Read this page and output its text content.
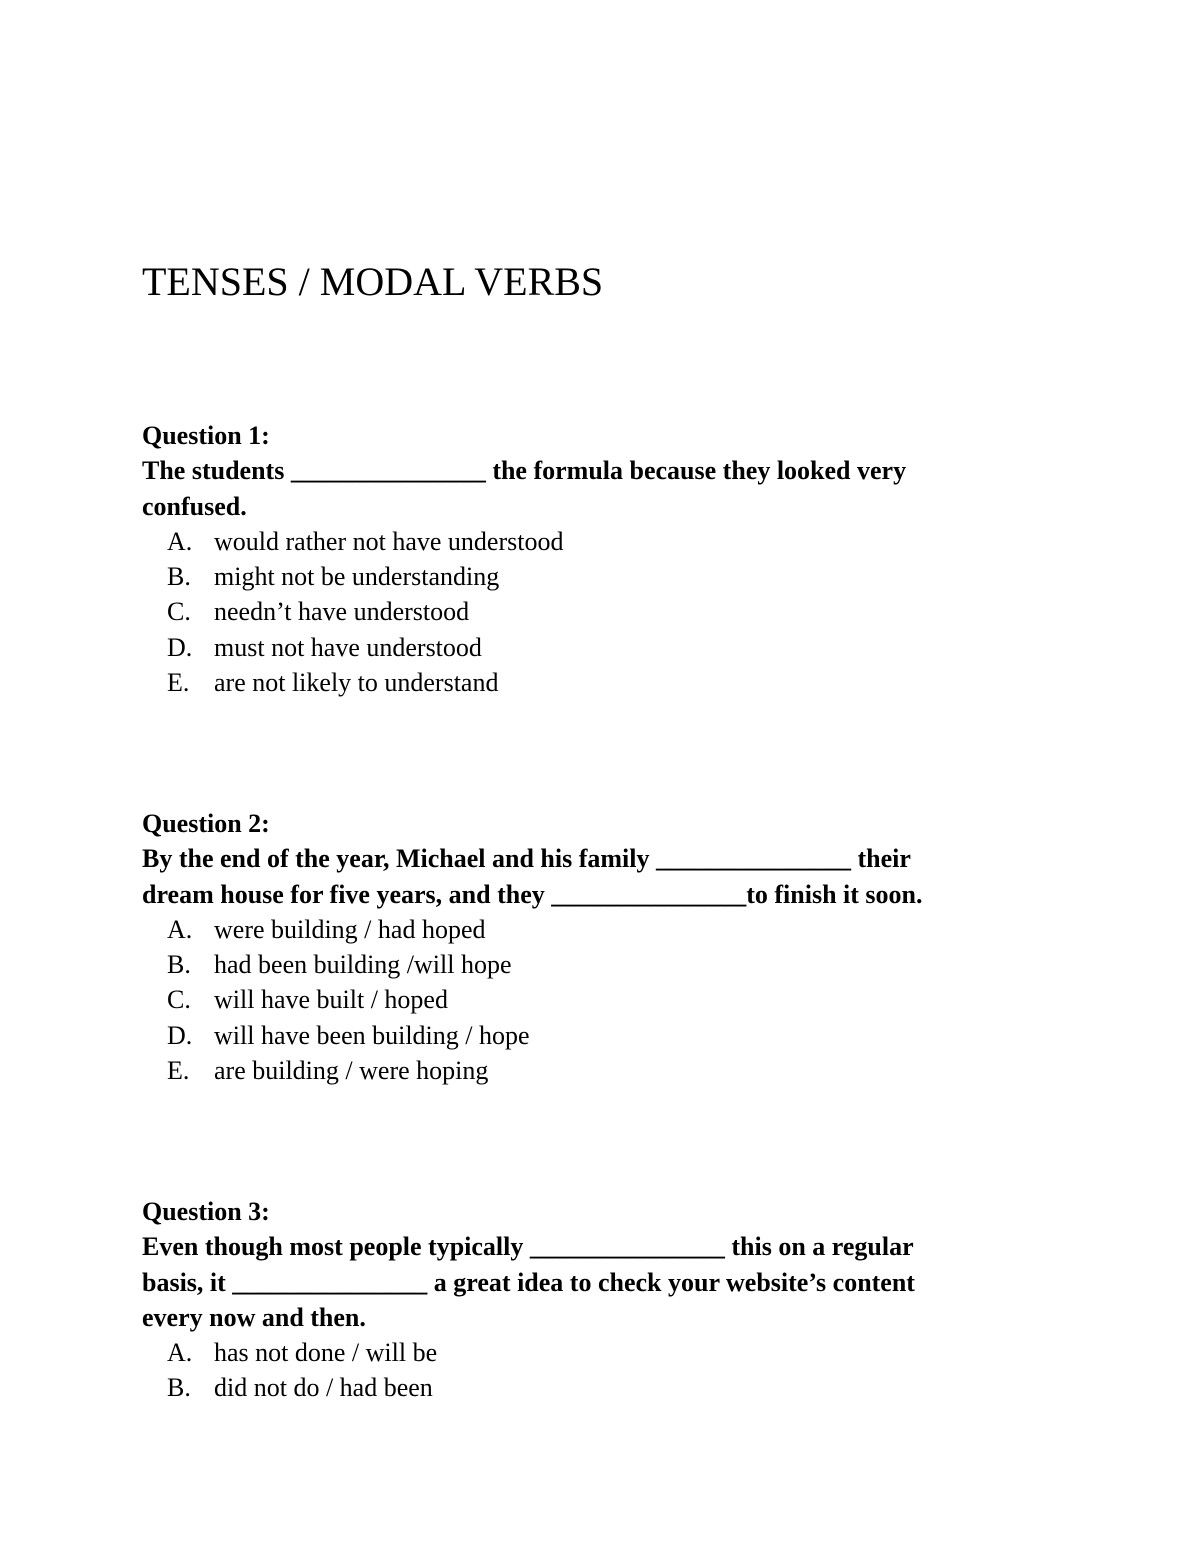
TENSES / MODAL VERBS

Question 1:

The students _______________ the formula because they looked very

confused.

A. would rather not have understood
B. might not be understanding
C. needn’t have understood
D. must not have understood
E. are not likely to understand

Question 2:

By the end of the year, Michael and his family _______________ their

dream house for five years, and they _______________to finish it soon.

A. were building / had hoped
B. had been building /will hope
C. will have built / hoped
D. will have been building / hope
E. are building / were hoping

Question 3:

Even though most people typically _______________ this on a regular

basis, it _______________ a great idea to check your website’s content

every now and then.

A. has not done / will be
B. did not do / had been
